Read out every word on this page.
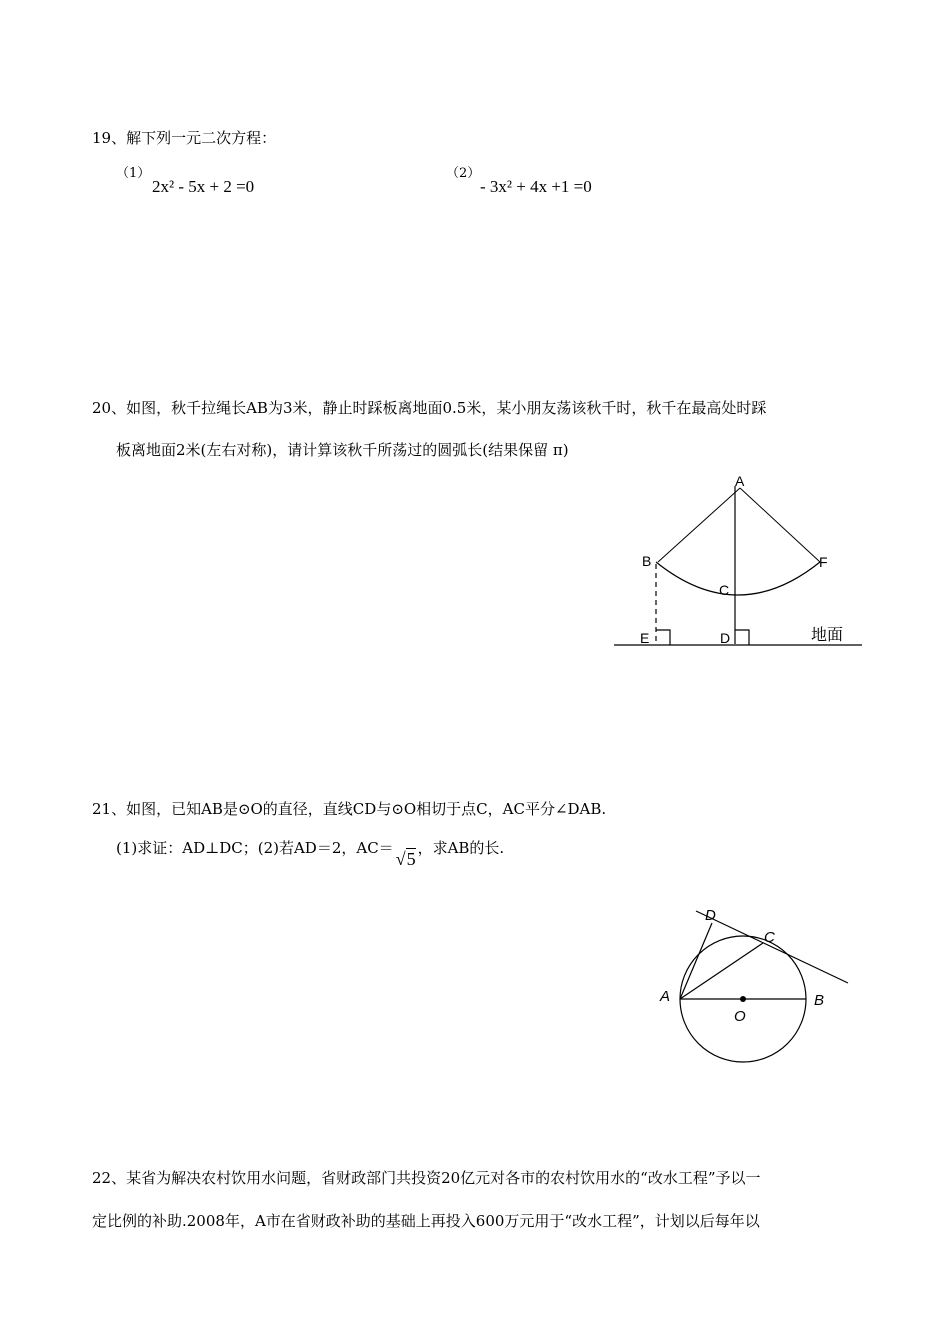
19、解下列一元二次方程：
（1）
2x² - 5x + 2 =0
（2）
- 3x² + 4x +1 =0
20、如图，秋千拉绳长AB为3米，静止时踩板离地面0.5米，某小朋友荡该秋千时，秋千在最高处时踩
板离地面2米(左右对称)，请计算该秋千所荡过的圆弧长(结果保留 π)
A
B	F
C
E	D	地面
21、如图，已知AB是⊙O的直径，直线CD与⊙O相切于点C，AC平分∠DAB.
(1)求证：AD⊥DC；(2)若AD＝2，AC＝√5，求AB的长.
D
C
A	B
O
22、某省为解决农村饮用水问题，省财政部门共投资20亿元对各市的农村饮用水的“改水工程”予以一
定比例的补助.2008年，A市在省财政补助的基础上再投入600万元用于“改水工程”，计划以后每年以
